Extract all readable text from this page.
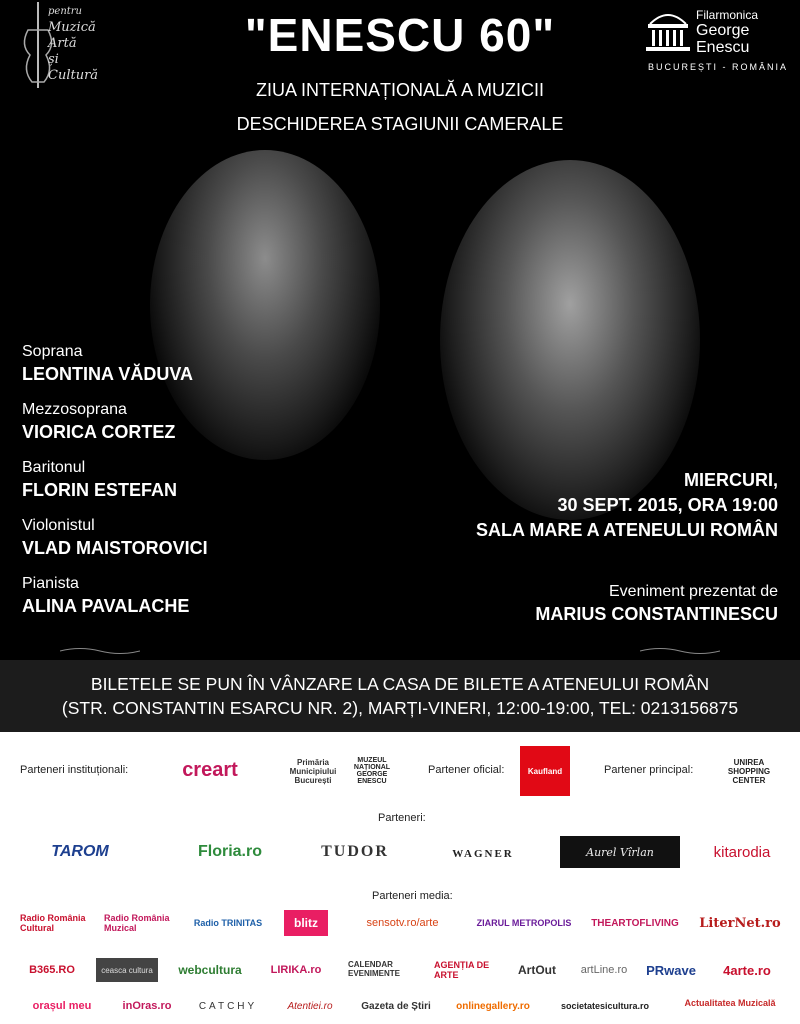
pentru
Muzică
Artă
și
Cultură
"ENESCU 60"
ZIUA INTERNAȚIONALĂ A MUZICII
DESCHIDEREA STAGIUNII CAMERALE
Filarmonica
George
Enescu
BUCUREȘTI - ROMÂNIA
Soprana
LEONTINA VĂDUVA
Mezzosoprana
VIORICA CORTEZ
Baritonul
FLORIN ESTEFAN
Violonistul
VLAD MAISTOROVICI
Pianista
ALINA PAVALACHE
MIERCURI,
30 SEPT. 2015, ORA 19:00
SALA MARE A ATENEULUI ROMÂN
Eveniment prezentat de
MARIUS CONSTANTINESCU
BILETELE SE PUN ÎN VÂNZARE LA CASA DE BILETE A ATENEULUI ROMÂN
(STR. CONSTANTIN ESARCU NR. 2), MARȚI-VINERI, 12:00-19:00, TEL: 0213156875
Parteneri instituționali:	creart	Primăria Municipiului București
MUZEUL NAȚIONAL GEORGE ENESCU
Partener oficial:	Kaufland	Partener principal:
UNIREA SHOPPING CENTER
Parteneri:
TAROM	Floria.ro	TUDOR	WAGNER	Aurel Vîrlan	kitarodia
Parteneri media:
Radio România Cultural
Radio România Muzical	Radio TRINITAS	blitz	sensotv.ro/arte	ZIARUL METROPOLIS	THEARTOFLIVING	LiterNet.ro
B365.RO	ceasca cultura	webcultura	LIRIKA.ro	CALENDAR EVENIMENTE
AGENȚIA DE ARTE	ArtOut	artLine.ro	PRwave	4arte.ro
orașul meu	inOras.ro	CATCHY	Atentiei.ro	Gazeta de Știri	onlinegallery.ro	societatesicultura.ro	Actualitatea Muzicală
